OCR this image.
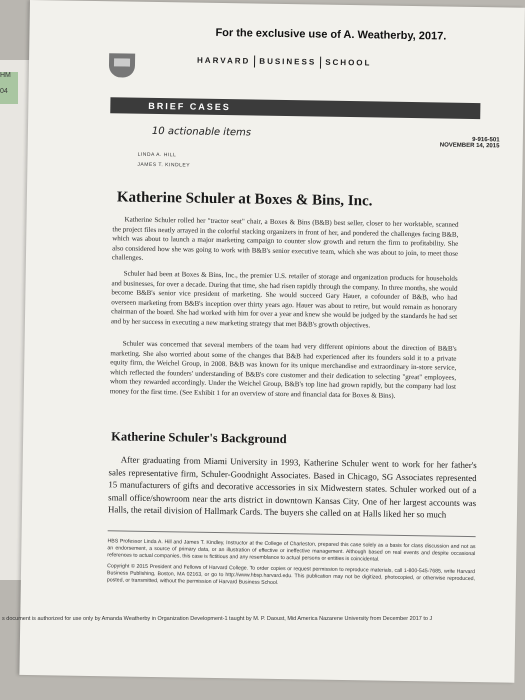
HM
04
For the exclusive use of A. Weatherby, 2017.
HARVARD BUSINESS SCHOOL
BRIEF CASES
10 actionable items
9-916-501
NOVEMBER 14, 2015
LINDA A. HILL
JAMES T. KINDLEY
Katherine Schuler at Boxes & Bins, Inc.
Katherine Schuler rolled her "tractor seat" chair, a Boxes & Bins (B&B) best seller, closer to her worktable, scanned the project files neatly arrayed in the colorful stacking organizers in front of her, and pondered the challenges facing B&B, which was about to launch a major marketing campaign to counter slow growth and return the firm to profitability. She also considered how she was going to work with B&B's senior executive team, which she was about to join, to meet those challenges.
Schuler had been at Boxes & Bins, Inc., the premier U.S. retailer of storage and organization products for households and businesses, for over a decade. During that time, she had risen rapidly through the company. In three months, she would become B&B's senior vice president of marketing. She would succeed Gary Hauer, a cofounder of B&B, who had overseen marketing from B&B's inception over thirty years ago. Hauer was about to retire, but would remain as honorary chairman of the board. She had worked with him for over a year and knew she would be judged by the standards he had set and by her success in executing a new marketing strategy that met B&B's growth objectives.
Schuler was concerned that several members of the team had very different opinions about the direction of B&B's marketing. She also worried about some of the changes that B&B had experienced after its founders sold it to a private equity firm, the Weichel Group, in 2008. B&B was known for its unique merchandise and extraordinary in-store service, which reflected the founders' understanding of B&B's core customer and their dedication to selecting "great" employees, whom they rewarded accordingly. Under the Weichel Group, B&B's top line had grown rapidly, but the company had lost money for the first time. (See Exhibit 1 for an overview of store and financial data for Boxes & Bins).
Katherine Schuler's Background
After graduating from Miami University in 1993, Katherine Schuler went to work for her father's sales representative firm, Schuler-Goodnight Associates. Based in Chicago, SG Associates represented 15 manufacturers of gifts and decorative accessories in six Midwestern states. Schuler worked out of a small office/showroom near the arts district in downtown Kansas City. One of her largest accounts was Halls, the retail division of Hallmark Cards. The buyers she called on at Halls liked her so much
HBS Professor Linda A. Hill and James T. Kindley, Instructor at the College of Charleston, prepared this case solely as a basis for class discussion and not as an endorsement, a source of primary data, or an illustration of effective or ineffective management. Although based on real events and despite occasional references to actual companies, this case is fictitious and any resemblance to actual persons or entities is coincidental.
Copyright © 2015 President and Fellows of Harvard College. To order copies or request permission to reproduce materials, call 1-800-545-7685, write Harvard Business Publishing, Boston, MA 02163, or go to http://www.hbsp.harvard.edu. This publication may not be digitized, photocopied, or otherwise reproduced, posted, or transmitted, without the permission of Harvard Business School.
s document is authorized for use only by Amanda Weatherby in Organization Development-1 taught by M. P. Daoust, Mid America Nazarene University from December 2017 to J
